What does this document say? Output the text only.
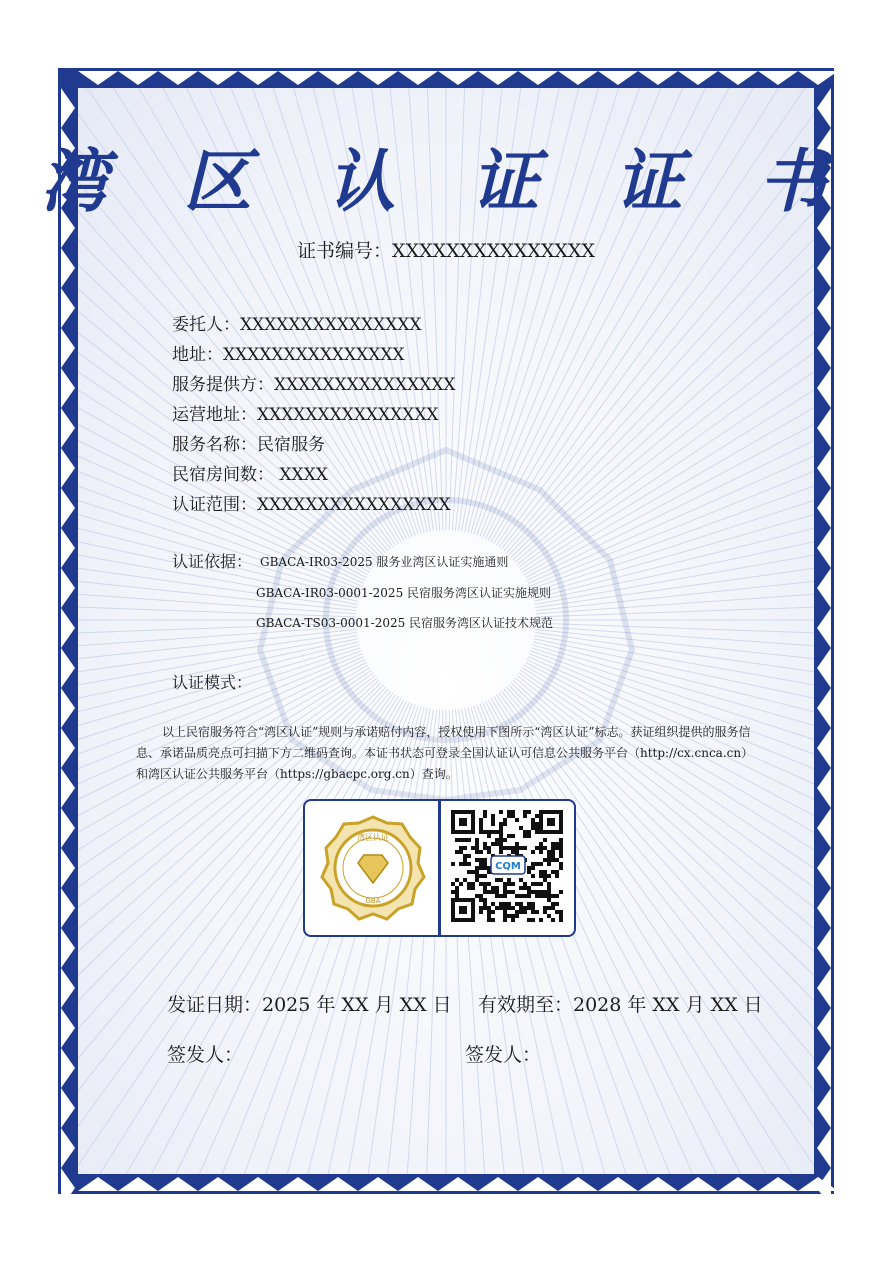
湾 区 认 证 证 书
证书编号：XXXXXXXXXXXXXXX
委托人：XXXXXXXXXXXXXXX
地址：XXXXXXXXXXXXXXX
服务提供方：XXXXXXXXXXXXXXX
运营地址：XXXXXXXXXXXXXXX
服务名称：民宿服务
民宿房间数： XXXX
认证范围：XXXXXXXXXXXXXXXX
认证依据： GBACA-IR03-2025 服务业湾区认证实施通则
GBACA-IR03-0001-2025 民宿服务湾区认证实施规则
GBACA-TS03-0001-2025 民宿服务湾区认证技术规范
认证模式：
以上民宿服务符合“湾区认证”规则与承诺赔付内容，授权使用下图所示“湾区认证”标志。获证组织提供的服务信息、承诺品质亮点可扫描下方二维码查询。本证书状态可登录全国认证认可信息公共服务平台（http://cx.cnca.cn）和湾区认证公共服务平台（https://gbacpc.org.cn）查询。
湾区认证
GBA
CQM
发证日期：2025 年 XX 月 XX 日 有效期至：2028 年 XX 月 XX 日
签发人：	签发人：
